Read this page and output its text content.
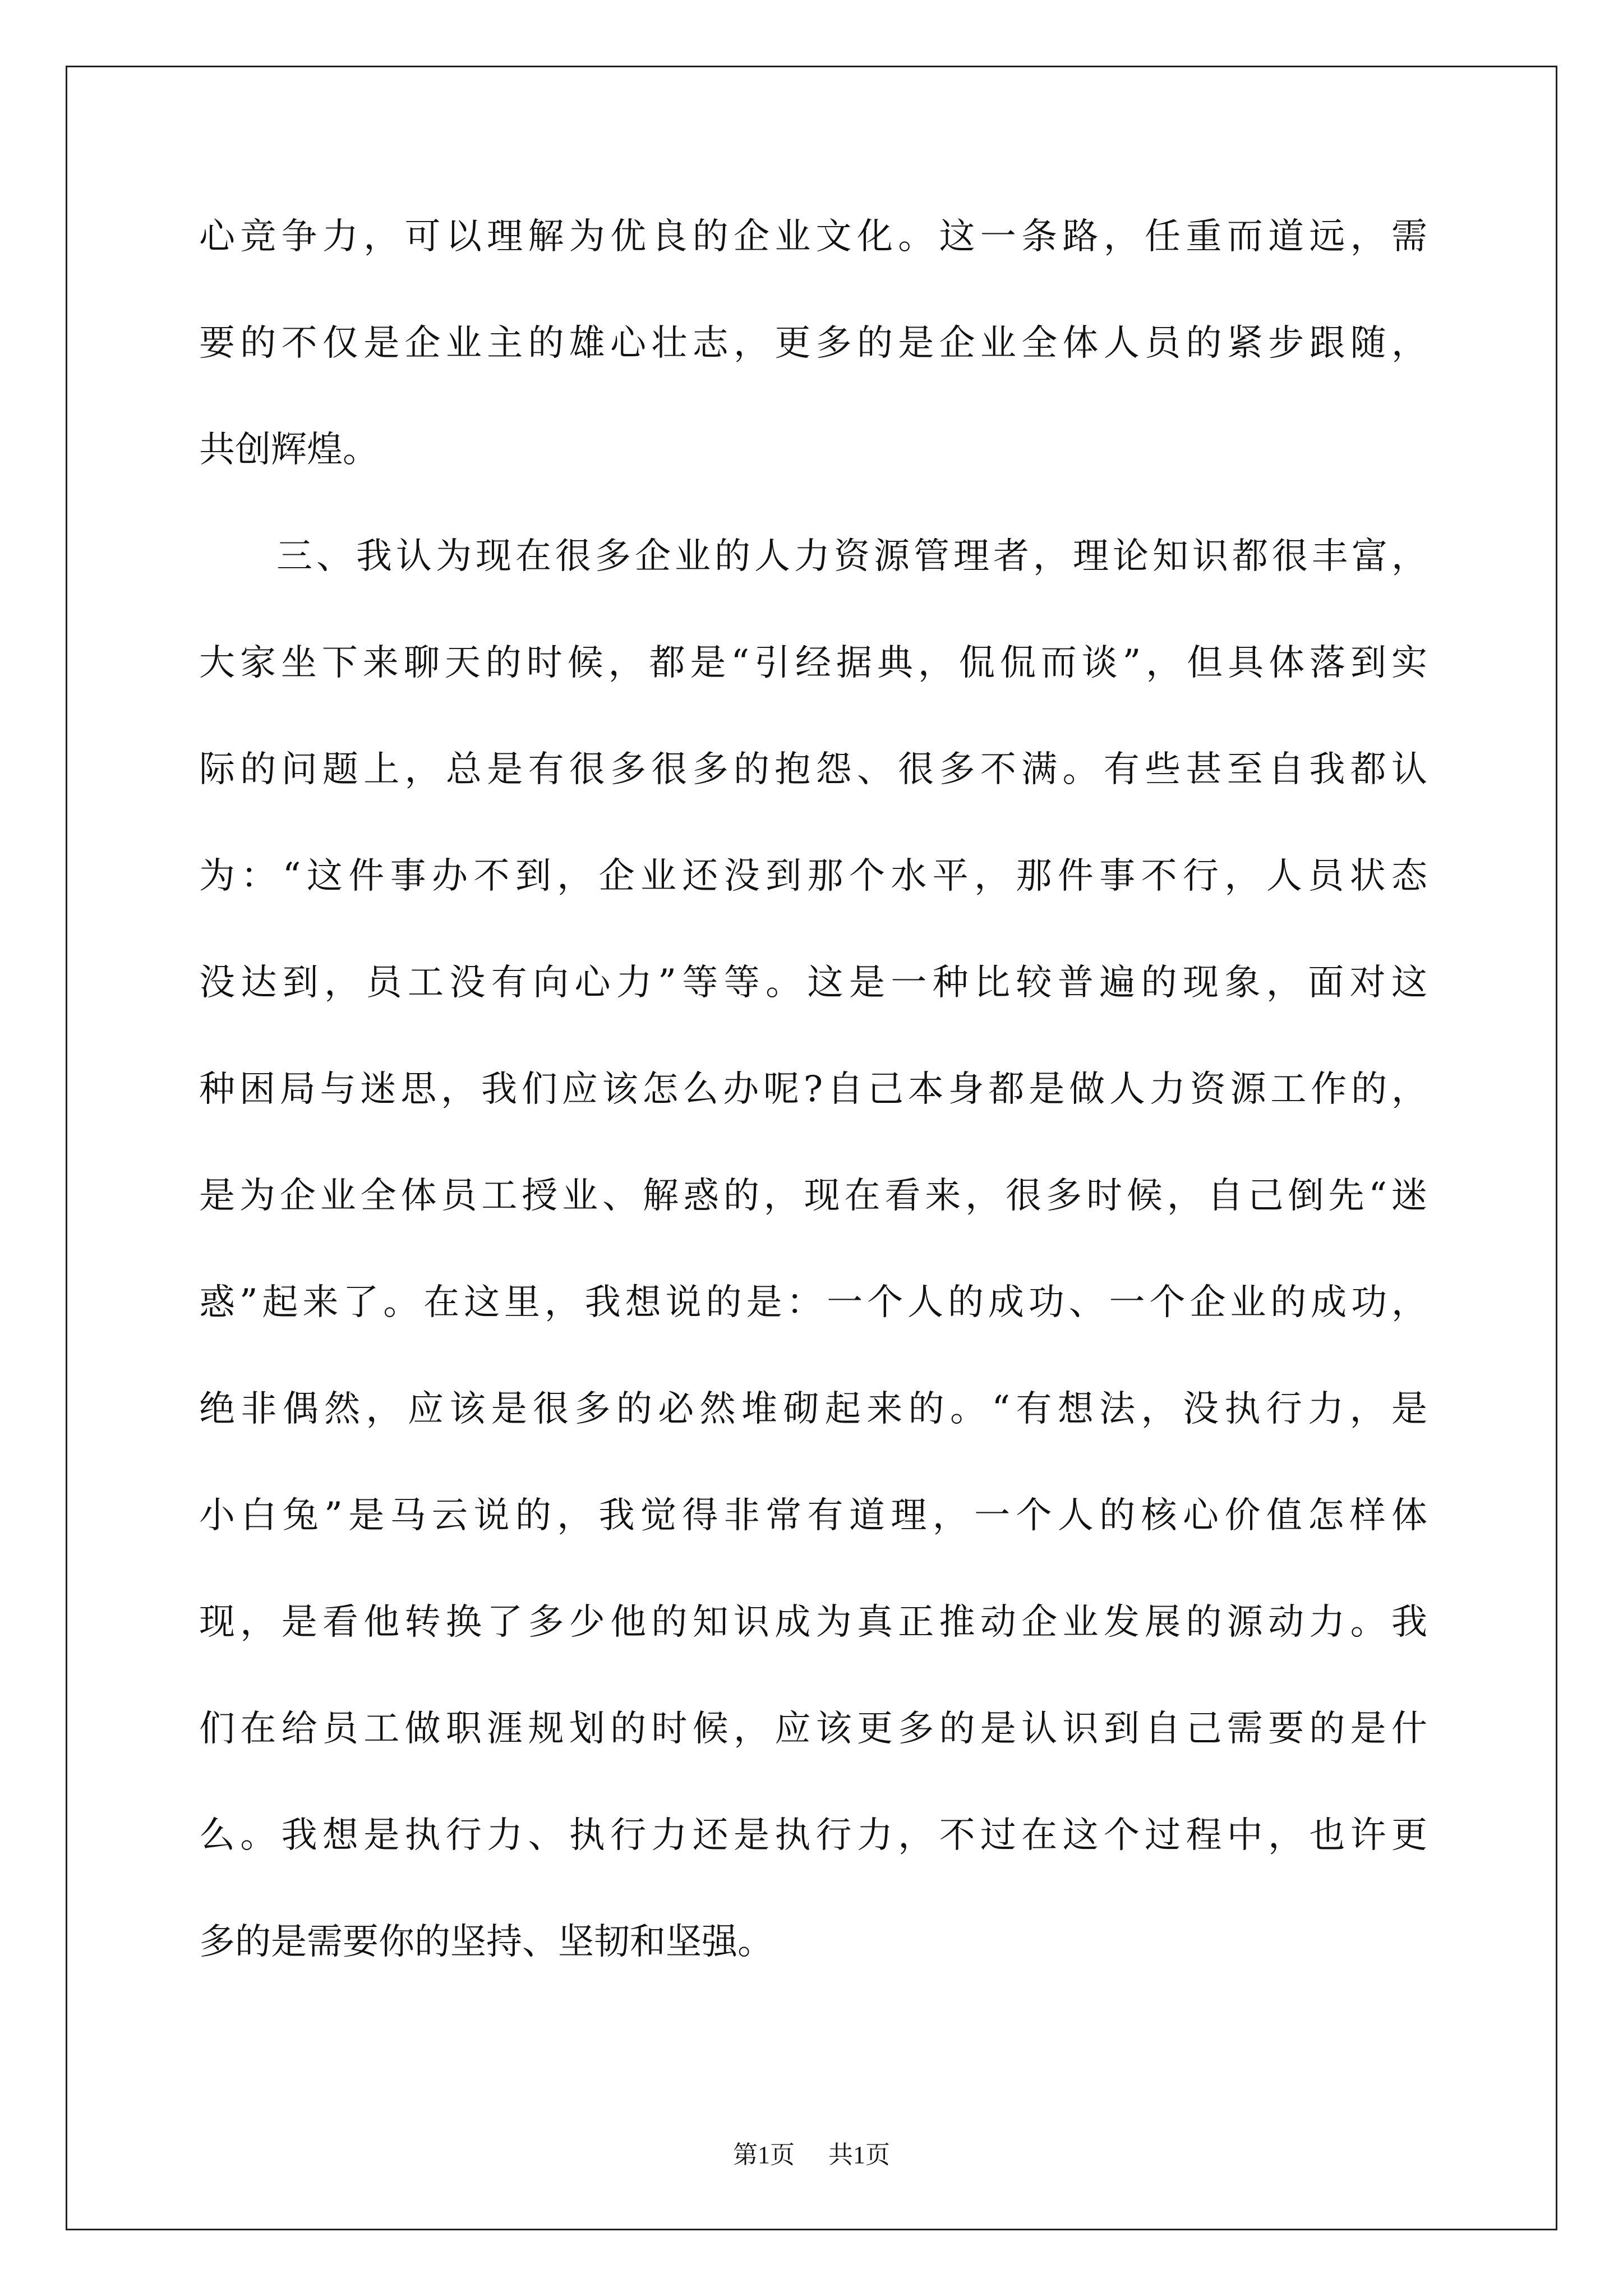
心竞争力，可以理解为优良的企业文化。这一条路，任重而道远，需
要的不仅是企业主的雄心壮志，更多的是企业全体人员的紧步跟随，
共创辉煌。
三、我认为现在很多企业的人力资源管理者，理论知识都很丰富，
大家坐下来聊天的时候，都是“引经据典，侃侃而谈”，但具体落到实
际的问题上，总是有很多很多的抱怨、很多不满。有些甚至自我都认
为：“这件事办不到，企业还没到那个水平，那件事不行，人员状态
没达到，员工没有向心力”等等。这是一种比较普遍的现象，面对这
种困局与迷思，我们应该怎么办呢?自己本身都是做人力资源工作的，
是为企业全体员工授业、解惑的，现在看来，很多时候，自己倒先“迷
惑”起来了。在这里，我想说的是：一个人的成功、一个企业的成功，
绝非偶然，应该是很多的必然堆砌起来的。“有想法，没执行力，是
小白兔”是马云说的，我觉得非常有道理，一个人的核心价值怎样体
现，是看他转换了多少他的知识成为真正推动企业发展的源动力。我
们在给员工做职涯规划的时候，应该更多的是认识到自己需要的是什
么。我想是执行力、执行力还是执行力，不过在这个过程中，也许更
多的是需要你的坚持、坚韧和坚强。
第1页 共1页
